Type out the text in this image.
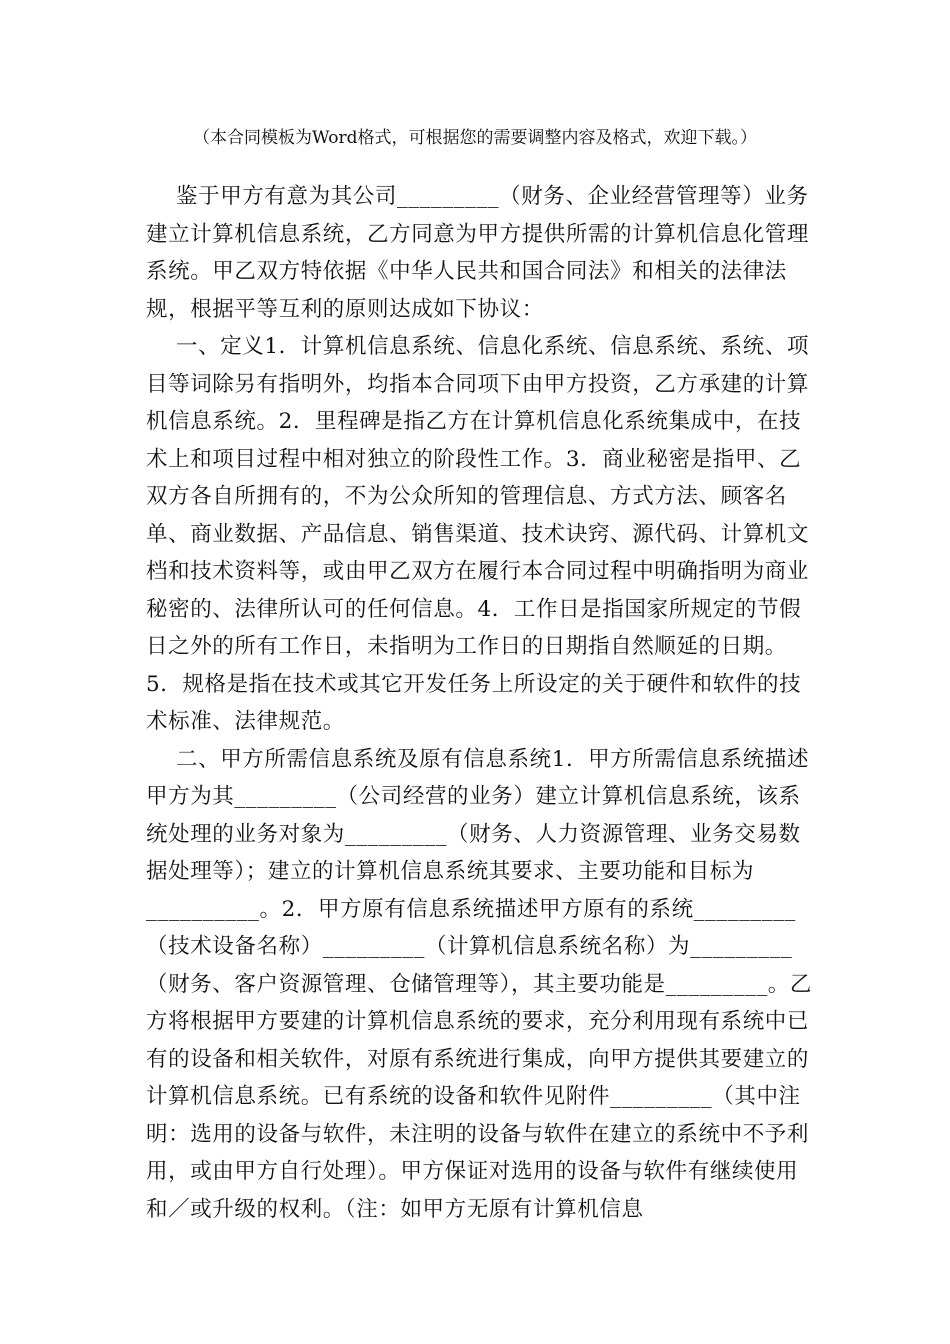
（本合同模板为Word格式，可根据您的需要调整内容及格式，欢迎下载。）

鉴于甲方有意为其公司_________（财务、企业经营管理等）业务建立计算机信息系统，乙方同意为甲方提供所需的计算机信息化管理系统。甲乙双方特依据《中华人民共和国合同法》和相关的法律法规，根据平等互利的原则达成如下协议：

一、定义1．计算机信息系统、信息化系统、信息系统、系统、项目等词除另有指明外，均指本合同项下由甲方投资，乙方承建的计算机信息系统。2．里程碑是指乙方在计算机信息化系统集成中，在技术上和项目过程中相对独立的阶段性工作。3．商业秘密是指甲、乙双方各自所拥有的，不为公众所知的管理信息、方式方法、顾客名单、商业数据、产品信息、销售渠道、技术诀窍、源代码、计算机文档和技术资料等，或由甲乙双方在履行本合同过程中明确指明为商业秘密的、法律所认可的任何信息。4．工作日是指国家所规定的节假日之外的所有工作日，未指明为工作日的日期指自然顺延的日期。5．规格是指在技术或其它开发任务上所设定的关于硬件和软件的技术标准、法律规范。

二、甲方所需信息系统及原有信息系统1．甲方所需信息系统描述甲方为其_________（公司经营的业务）建立计算机信息系统，该系统处理的业务对象为_________（财务、人力资源管理、业务交易数据处理等）；建立的计算机信息系统其要求、主要功能和目标为__________。2．甲方原有信息系统描述甲方原有的系统_________（技术设备名称）_________（计算机信息系统名称）为_________（财务、客户资源管理、仓储管理等），其主要功能是_________。乙方将根据甲方要建的计算机信息系统的要求，充分利用现有系统中已有的设备和相关软件，对原有系统进行集成，向甲方提供其要建立的计算机信息系统。已有系统的设备和软件见附件_________（其中注明：选用的设备与软件，未注明的设备与软件在建立的系统中不予利用，或由甲方自行处理）。甲方保证对选用的设备与软件有继续使用和／或升级的权利。（注：如甲方无原有计算机信息
